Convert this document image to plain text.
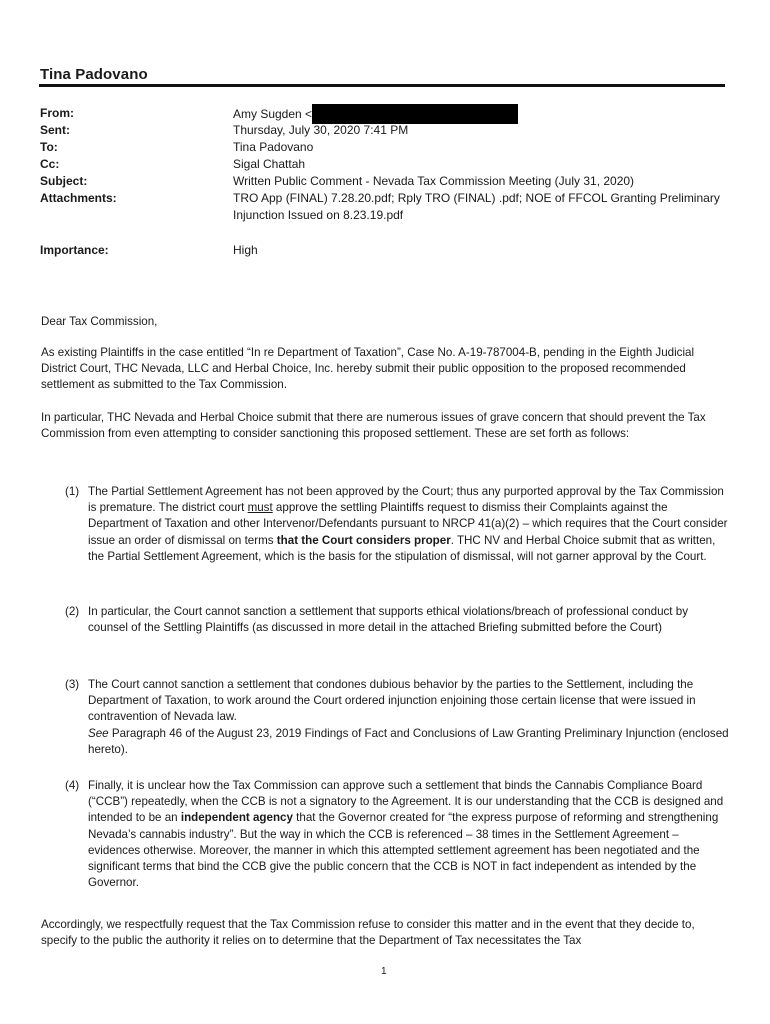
Tina Padovano
From:	Amy Sugden <
Sent:	Thursday, July 30, 2020 7:41 PM
To:	Tina Padovano
Cc:	Sigal Chattah
Subject:	Written Public Comment - Nevada Tax Commission Meeting (July 31, 2020)
Attachments:	TRO App (FINAL) 7.28.20.pdf; Rply TRO (FINAL) .pdf; NOE of FFCOL Granting Preliminary
Injunction Issued on 8.23.19.pdf
Importance:	High
Dear Tax Commission,
As existing Plaintiffs in the case entitled “In re Department of Taxation”, Case No. A-19-787004-B, pending in the Eighth Judicial District Court, THC Nevada, LLC and Herbal Choice, Inc. hereby submit their public opposition to the proposed recommended settlement as submitted to the Tax Commission.
In particular, THC Nevada and Herbal Choice submit that there are numerous issues of grave concern that should prevent the Tax Commission from even attempting to consider sanctioning this proposed settlement. These are set forth as follows:
(1) The Partial Settlement Agreement has not been approved by the Court; thus any purported approval by the Tax Commission is premature. The district court must approve the settling Plaintiffs request to dismiss their Complaints against the Department of Taxation and other Intervenor/Defendants pursuant to NRCP 41(a)(2) – which requires that the Court consider issue an order of dismissal on terms that the Court considers proper. THC NV and Herbal Choice submit that as written, the Partial Settlement Agreement, which is the basis for the stipulation of dismissal, will not garner approval by the Court.
(2) In particular, the Court cannot sanction a settlement that supports ethical violations/breach of professional conduct by counsel of the Settling Plaintiffs (as discussed in more detail in the attached Briefing submitted before the Court)
(3) The Court cannot sanction a settlement that condones dubious behavior by the parties to the Settlement, including the Department of Taxation, to work around the Court ordered injunction enjoining those certain license that were issued in contravention of Nevada law.
See Paragraph 46 of the August 23, 2019 Findings of Fact and Conclusions of Law Granting Preliminary Injunction (enclosed hereto).
(4) Finally, it is unclear how the Tax Commission can approve such a settlement that binds the Cannabis Compliance Board (“CCB”) repeatedly, when the CCB is not a signatory to the Agreement. It is our understanding that the CCB is designed and intended to be an independent agency that the Governor created for “the express purpose of reforming and strengthening Nevada’s cannabis industry”. But the way in which the CCB is referenced – 38 times in the Settlement Agreement – evidences otherwise. Moreover, the manner in which this attempted settlement agreement has been negotiated and the significant terms that bind the CCB give the public concern that the CCB is NOT in fact independent as intended by the Governor.
Accordingly, we respectfully request that the Tax Commission refuse to consider this matter and in the event that they decide to, specify to the public the authority it relies on to determine that the Department of Tax necessitates the Tax
1
